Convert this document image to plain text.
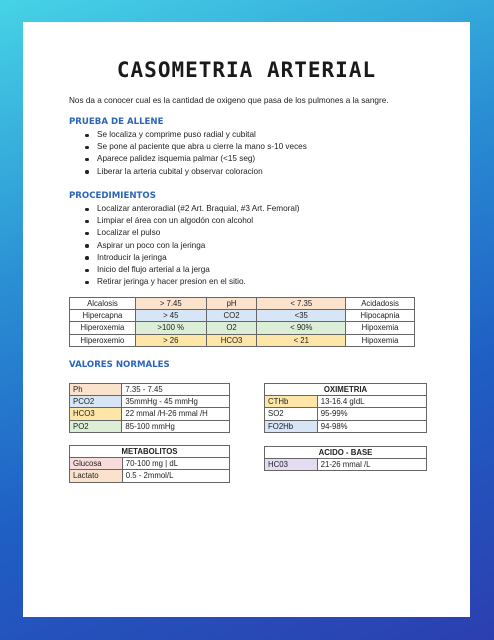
CASOMETRIA ARTERIAL
Nos da a conocer cual es la cantidad de oxigeno que pasa de los pulmones a la sangre.
PRUEBA DE ALLENE
Se localiza y comprime puso radial y cubital
Se pone al paciente que abra u cierre la mano s-10 veces
Aparece palidez isquemia palmar (<15 seg)
Liberar la arteria cubital y observar coloracion
PROCEDIMIENTOS
Localizar anteroradial (#2 Art. Braquial, #3 Art. Femoral)
Limpiar el área con un algodón con alcohol
Localizar el pulso
Aspirar un poco con la jeringa
Introducir la jeringa
Inicio del flujo arterial a la jerga
Retirar jeringa y hacer presion en el sitio.
Alcalosis	> 7.45	pH	< 7.35	Acidadosis
Hipercapna	> 45	CO2	<35	Hipocapnia
Hiperoxemia	>100 %	O2	< 90%	Hipoxemia
Hiperoxemio	> 26	HCO3	< 21	Hipoxemia
VALORES NORMALES
Ph	7.35 - 7.45
PCO2	35mmHg - 45 mmHg
HCO3	22 mmal /H-26 mmal /H
PO2	85-100 mmHg
METABOLITOS	
Glucosa	70-100 mg | dL
Lactato	0.5 - 2mmol/L
OXIMETRIA	
CTHb	13-16.4 gIdL
SO2	95-99%
FO2Hb	94-98%
ACIDO - BASE
HC03	21-26 mmal /L
